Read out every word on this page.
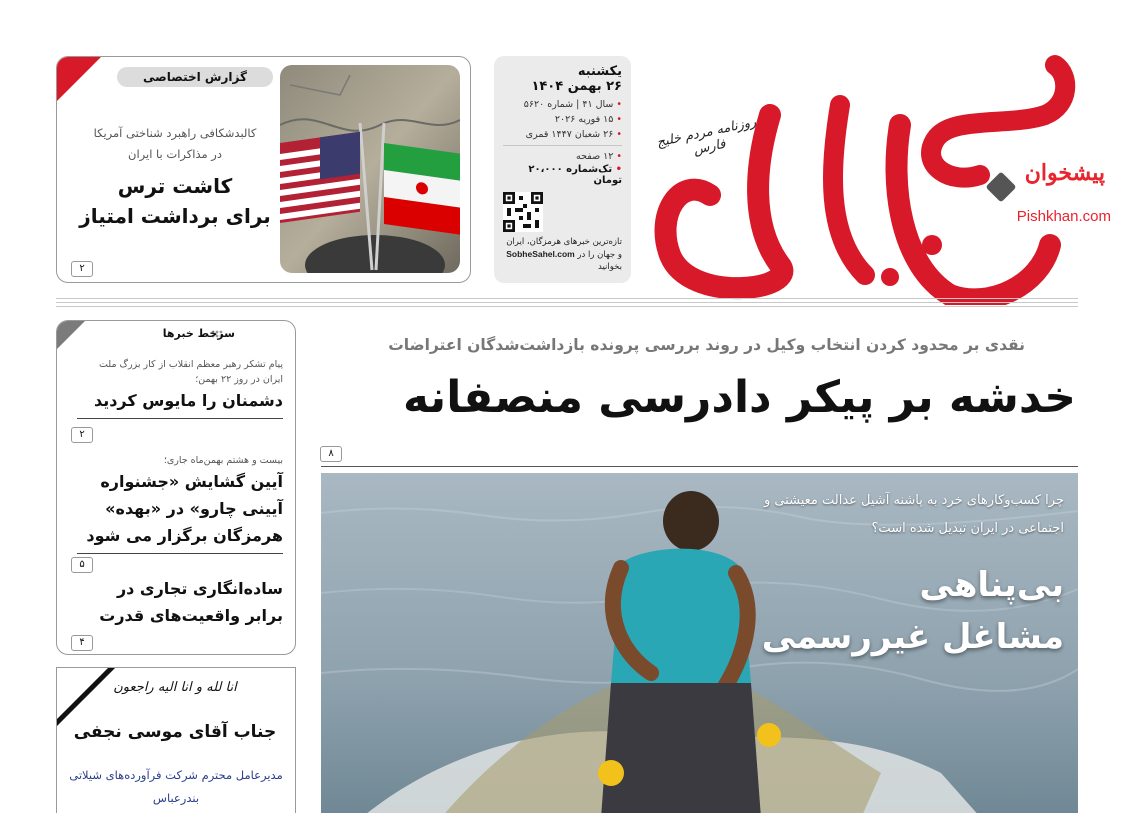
روزنامه مردم خلیج فارس
پیشخوان
Pishkhan.com
یکشنبه
۲۶ بهمن ۱۴۰۴
• سال ۴۱ | شماره ۵۶۲۰
• ۱۵ فوریه ۲۰۲۶
• ۲۶ شعبان ۱۴۴۷ قمری
• ۱۲ صفحه
• تک‌شماره ۲۰،۰۰۰ تومان
تازه‌ترین خبرهای هرمزگان، ایران و جهان را در SobheSahel.com بخوانید
گزارش اختصاصی
کالبدشکافی راهبرد شناختی آمریکا
در مذاکرات با ایران
کاشت ترس
برای برداشت امتیاز
۲
سرخط خبرها
پیام تشکر رهبر معظم انقلاب از کار بزرگ ملت ایران در روز ۲۲ بهمن؛
دشمنان را مایوس کردید
۲
بیست و هشتم بهمن‌ماه جاری؛
آیین گشایش «جشنواره آیینی چارو» در «بهده» هرمزگان برگزار می شود
۵
ساده‌انگاری تجاری در برابر واقعیت‌های قدرت
۴
انا لله و انا الیه راجعون
جناب آقای موسی نجفی
مدیرعامل محترم شرکت فرآورده‌های شیلاتی بندرعباس
نقدی بر محدود کردن انتخاب وکیل در روند بررسی پرونده بازداشت‌شدگان اعتراضات
خدشه بر پیکر دادرسی منصفانه
۸
چرا کسب‌وکارهای خرد به پاشنه آشیل عدالت معیشتی و اجتماعی در ایران تبدیل شده است؟
بی‌پناهی
مشاغل غیررسمی
